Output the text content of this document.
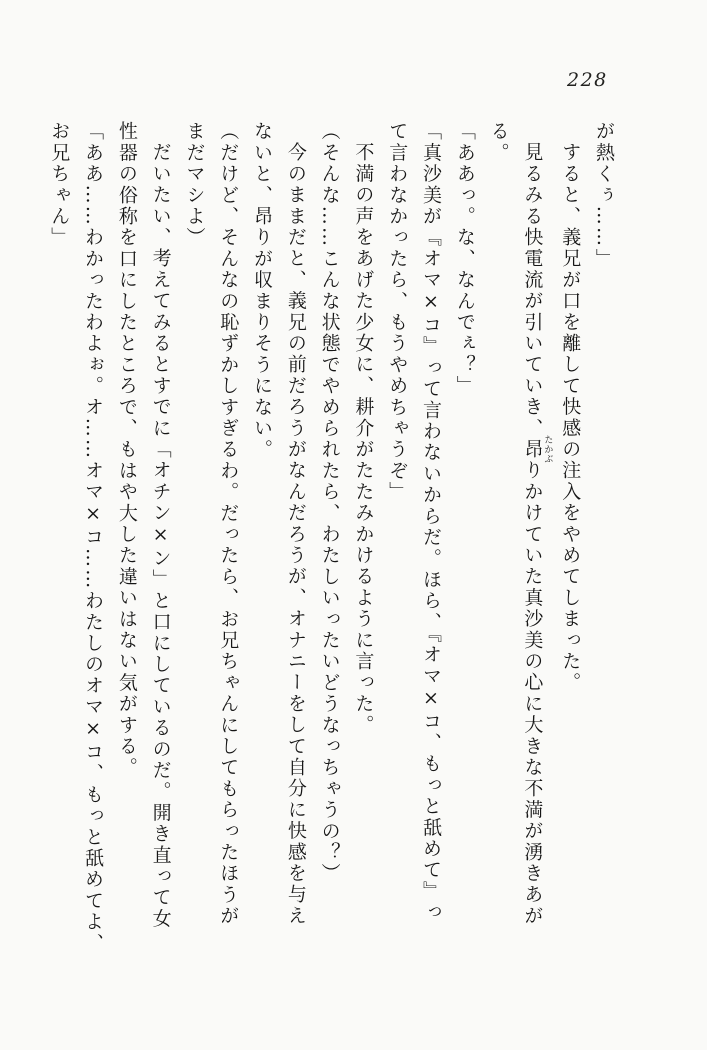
228
が熱くぅ……」
すると、義兄が口を離して快感の注入をやめてしまった。
見るみる快電流が引いていき、昂 たかぶりかけていた真沙美の心に大きな不満が湧きあが
る。
「ああっ。な、なんでぇ？」
「真沙美が『オマ×コ』って言わないからだ。ほら、『オマ×コ、もっと舐めて』っ
て言わなかったら、もうやめちゃうぞ」
不満の声をあげた少女に、耕介がたたみかけるように言った。
（そんな……こんな状態でやめられたら、わたしいったいどうなっちゃうの？）
今のままだと、義兄の前だろうがなんだろうが、オナニーをして自分に快感を与え
ないと、昂りが収まりそうにない。
（だけど、そんなの恥ずかしすぎるわ。だったら、お兄ちゃんにしてもらったほうが
まだマシよ）
だいたい、考えてみるとすでに「オチン×ン」と口にしているのだ。開き直って女
性器の俗称を口にしたところで、もはや大した違いはない気がする。
「ああ……わかったわよぉ。オ……オマ×コ……わたしのオマ×コ、もっと舐めてよ、
お兄ちゃん」
